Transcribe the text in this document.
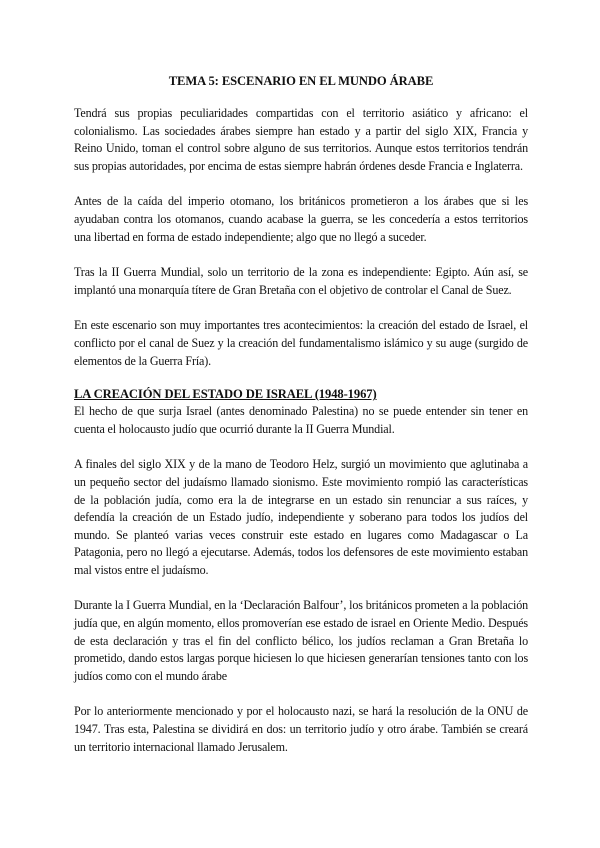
TEMA 5: ESCENARIO EN EL MUNDO ÁRABE

Tendrá sus propias peculiaridades compartidas con el territorio asiático y africano: el colonialismo. Las sociedades árabes siempre han estado y a partir del siglo XIX, Francia y Reino Unido, toman el control sobre alguno de sus territorios. Aunque estos territorios tendrán sus propias autoridades, por encima de estas siempre habrán órdenes desde Francia e Inglaterra.

Antes de la caída del imperio otomano, los británicos prometieron a los árabes que si les ayudaban contra los otomanos, cuando acabase la guerra, se les concedería a estos territorios una libertad en forma de estado independiente; algo que no llegó a suceder.

Tras la II Guerra Mundial, solo un territorio de la zona es independiente: Egipto. Aún así, se implantó una monarquía títere de Gran Bretaña con el objetivo de controlar el Canal de Suez.

En este escenario son muy importantes tres acontecimientos: la creación del estado de Israel, el conflicto por el canal de Suez y la creación del fundamentalismo islámico y su auge (surgido de elementos de la Guerra Fría).

LA CREACIÓN DEL ESTADO DE ISRAEL (1948-1967)

El hecho de que surja Israel (antes denominado Palestina) no se puede entender sin tener en cuenta el holocausto judío que ocurrió durante la II Guerra Mundial.

A finales del siglo XIX y de la mano de Teodoro Helz, surgió un movimiento que aglutinaba a un pequeño sector del judaísmo llamado sionismo. Este movimiento rompió las características de la población judía, como era la de integrarse en un estado sin renunciar a sus raíces, y defendía la creación de un Estado judío, independiente y soberano para todos los judíos del mundo. Se planteó varias veces construir este estado en lugares como Madagascar o La Patagonia, pero no llegó a ejecutarse. Además, todos los defensores de este movimiento estaban mal vistos entre el judaísmo.

Durante la I Guerra Mundial, en la ‘Declaración Balfour’, los británicos prometen a la población judía que, en algún momento, ellos promoverían ese estado de israel en Oriente Medio. Después de esta declaración y tras el fin del conflicto bélico, los judíos reclaman a Gran Bretaña lo prometido, dando estos largas porque hiciesen lo que hiciesen generarían tensiones tanto con los judíos como con el mundo árabe

Por lo anteriormente mencionado y por el holocausto nazi, se hará la resolución de la ONU de 1947. Tras esta, Palestina se dividirá en dos: un territorio judío y otro árabe. También se creará un territorio internacional llamado Jerusalem.
